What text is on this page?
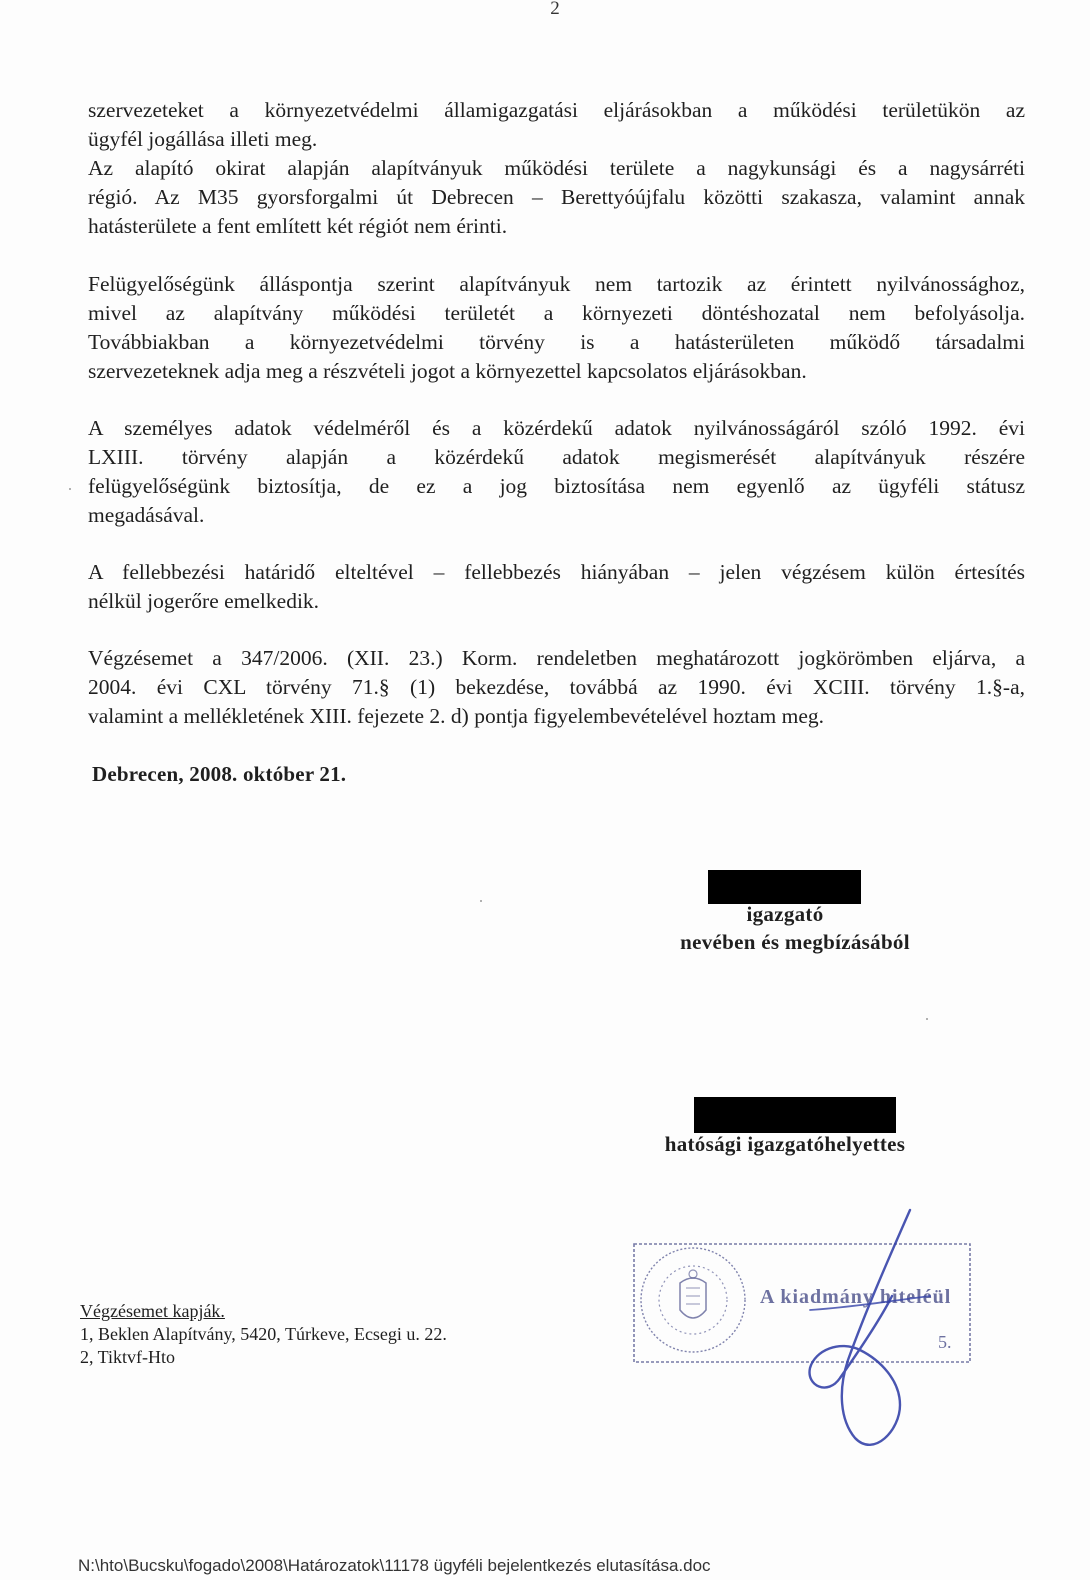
2

szervezeteket a környezetvédelmi államigazgatási eljárásokban a működési területükön az
ügyfél jogállása illeti meg.

Az alapító okirat alapján alapítványuk működési területe a nagykunsági és a nagysárréti
régió. Az M35 gyorsforgalmi út Debrecen – Berettyóújfalu közötti szakasza, valamint annak
hatásterülete a fent említett két régiót nem érinti.

Felügyelőségünk álláspontja szerint alapítványuk nem tartozik az érintett nyilvánossághoz,
mivel az alapítvány működési területét a környezeti döntéshozatal nem befolyásolja.
Továbbiakban a környezetvédelmi törvény is a hatásterületen működő társadalmi
szervezeteknek adja meg a részvételi jogot a környezettel kapcsolatos eljárásokban.

A személyes adatok védelméről és a közérdekű adatok nyilvánosságáról szóló 1992. évi
LXIII. törvény alapján a közérdekű adatok megismerését alapítványuk részére
felügyelőségünk biztosítja, de ez a jog biztosítása nem egyenlő az ügyféli státusz
megadásával.

A fellebbezési határidő elteltével – fellebbezés hiányában – jelen végzésem külön értesítés
nélkül jogerőre emelkedik.

Végzésemet a 347/2006. (XII. 23.) Korm. rendeletben meghatározott jogkörömben eljárva, a
2004. évi CXL törvény 71.§ (1) bekezdése, továbbá az 1990. évi XCIII. törvény 1.§-a,
valamint a mellékletének XIII. fejezete 2. d) pontja figyelembevételével hoztam meg.

Debrecen, 2008. október 21.
igazgató
nevében és megbízásából
hatósági igazgatóhelyettes
A kiadmány hiteléül
5.
Végzésemet kapják.
1, Beklen Alapítvány, 5420, Túrkeve, Ecsegi u. 22.
2, Tiktvf-Hto
N:\hto\Bucsku\fogado\2008\Határozatok\11178 ügyféli bejelentkezés elutasítása.doc
